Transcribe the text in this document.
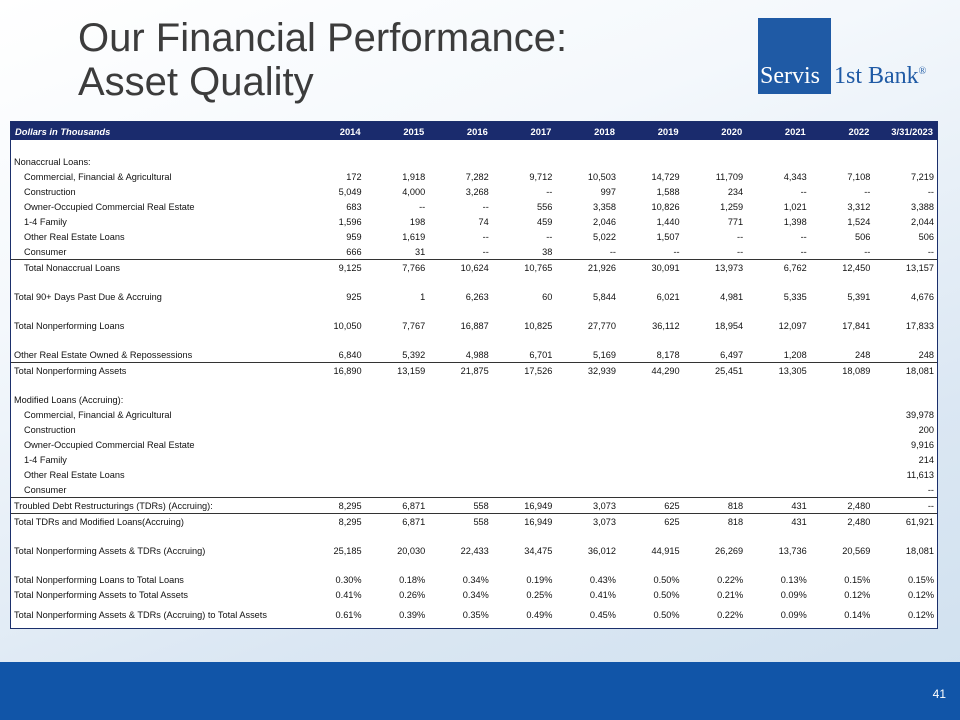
Our Financial Performance:
Asset Quality	Servis 1st Bank®
Dollars in Thousands	2014	2015	2016	2017	2018	2019	2020	2021	2022	3/31/2023

Nonaccrual Loans:										
Commercial, Financial & Agricultural	172	1,918	7,282	9,712	10,503	14,729	11,709	4,343	7,108	7,219
Construction	5,049	4,000	3,268	--	997	1,588	234	--	--	--
Owner-Occupied Commercial Real Estate	683	--	--	556	3,358	10,826	1,259	1,021	3,312	3,388
1-4 Family	1,596	198	74	459	2,046	1,440	771	1,398	1,524	2,044
Other Real Estate Loans	959	1,619	--	--	5,022	1,507	--	--	506	506
Consumer	666	31	--	38	--	--	--	--	--	--
Total Nonaccrual Loans	9,125	7,766	10,624	10,765	21,926	30,091	13,973	6,762	12,450	13,157

Total 90+ Days Past Due & Accruing	925	1	6,263	60	5,844	6,021	4,981	5,335	5,391	4,676

Total Nonperforming Loans	10,050	7,767	16,887	10,825	27,770	36,112	18,954	12,097	17,841	17,833

Other Real Estate Owned & Repossessions	6,840	5,392	4,988	6,701	5,169	8,178	6,497	1,208	248	248
Total Nonperforming Assets	16,890	13,159	21,875	17,526	32,939	44,290	25,451	13,305	18,089	18,081

Modified Loans (Accruing):										
Commercial, Financial & Agricultural										39,978
Construction										200
Owner-Occupied Commercial Real Estate										9,916
1-4 Family										214
Other Real Estate Loans										11,613
Consumer										--
Troubled Debt Restructurings (TDRs) (Accruing):	8,295	6,871	558	16,949	3,073	625	818	431	2,480	--
Total TDRs and Modified Loans(Accruing)	8,295	6,871	558	16,949	3,073	625	818	431	2,480	61,921

Total Nonperforming Assets & TDRs (Accruing)	25,185	20,030	22,433	34,475	36,012	44,915	26,269	13,736	20,569	18,081

Total Nonperforming Loans to Total Loans	0.30%	0.18%	0.34%	0.19%	0.43%	0.50%	0.22%	0.13%	0.15%	0.15%
Total Nonperforming Assets to Total Assets	0.41%	0.26%	0.34%	0.25%	0.41%	0.50%	0.21%	0.09%	0.12%	0.12%
Total Nonperforming Assets & TDRs (Accruing) to Total Assets	0.61%	0.39%	0.35%	0.49%	0.45%	0.50%	0.22%	0.09%	0.14%	0.12%
41
